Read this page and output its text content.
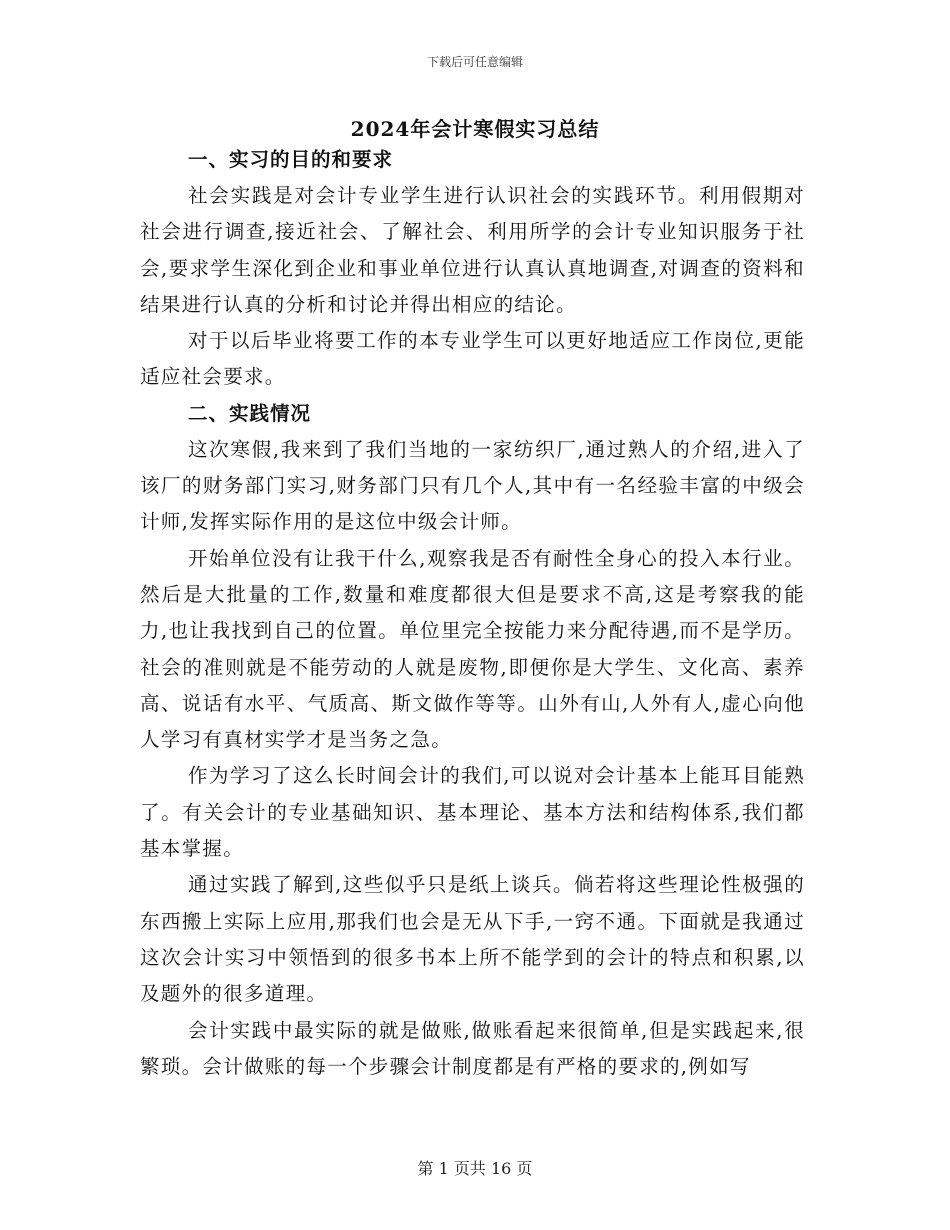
下载后可任意编辑
2024年会计寒假实习总结
一、实习的目的和要求

社会实践是对会计专业学生进行认识社会的实践环节。利用假期对社会进行调查,接近社会、了解社会、利用所学的会计专业知识服务于社会,要求学生深化到企业和事业单位进行认真认真地调查,对调查的资料和结果进行认真的分析和讨论并得出相应的结论。

对于以后毕业将要工作的本专业学生可以更好地适应工作岗位,更能适应社会要求。

二、实践情况

这次寒假,我来到了我们当地的一家纺织厂,通过熟人的介绍,进入了该厂的财务部门实习,财务部门只有几个人,其中有一名经验丰富的中级会计师,发挥实际作用的是这位中级会计师。

开始单位没有让我干什么,观察我是否有耐性全身心的投入本行业。然后是大批量的工作,数量和难度都很大但是要求不高,这是考察我的能力,也让我找到自己的位置。单位里完全按能力来分配待遇,而不是学历。社会的准则就是不能劳动的人就是废物,即便你是大学生、文化高、素养高、说话有水平、气质高、斯文做作等等。山外有山,人外有人,虚心向他人学习有真材实学才是当务之急。

作为学习了这么长时间会计的我们,可以说对会计基本上能耳目能熟了。有关会计的专业基础知识、基本理论、基本方法和结构体系,我们都基本掌握。

通过实践了解到,这些似乎只是纸上谈兵。倘若将这些理论性极强的东西搬上实际上应用,那我们也会是无从下手,一窍不通。下面就是我通过这次会计实习中领悟到的很多书本上所不能学到的会计的特点和积累,以及题外的很多道理。

会计实践中最实际的就是做账,做账看起来很简单,但是实践起来,很繁琐。会计做账的每一个步骤会计制度都是有严格的要求的,例如写

第 1 页共 16 页
